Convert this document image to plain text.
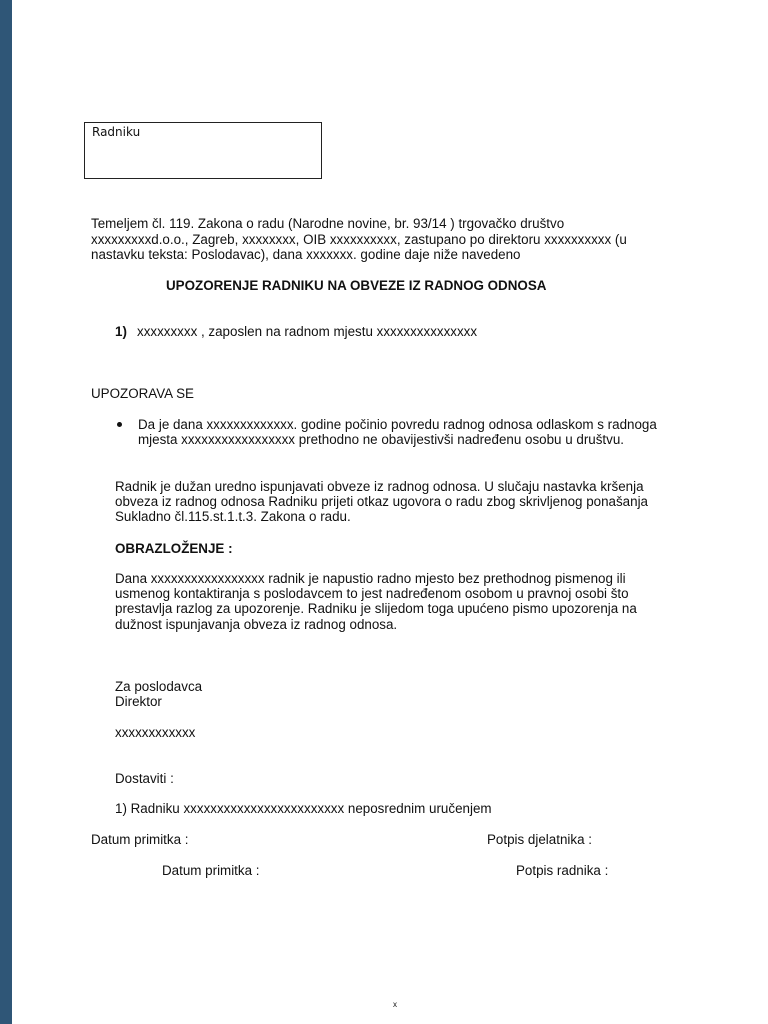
Radniku
Temeljem čl. 119. Zakona o radu (Narodne novine, br. 93/14 ) trgovačko društvo
xxxxxxxxxd.o.o., Zagreb, xxxxxxxx, OIB xxxxxxxxxx, zastupano po direktoru xxxxxxxxxx (u
nastavku teksta: Poslodavac), dana xxxxxxx. godine daje niže navedeno
UPOZORENJE RADNIKU NA OBVEZE IZ RADNOG ODNOSA
1) xxxxxxxxx , zaposlen na radnom mjestu xxxxxxxxxxxxxxx
UPOZORAVA SE
Da je dana xxxxxxxxxxxxx. godine počinio povredu radnog odnosa odlaskom s radnoga
mjesta xxxxxxxxxxxxxxxxx prethodno ne obavijestivši nadređenu osobu u društvu.
Radnik je dužan uredno ispunjavati obveze iz radnog odnosa. U slučaju nastavka kršenja
obveza iz radnog odnosa Radniku prijeti otkaz ugovora o radu zbog skrivljenog ponašanja
Sukladno čl.115.st.1.t.3. Zakona o radu.
OBRAZLOŽENJE :
Dana xxxxxxxxxxxxxxxxx radnik je napustio radno mjesto bez prethodnog pismenog ili
usmenog kontaktiranja s poslodavcem to jest nadređenom osobom u pravnoj osobi što
prestavlja razlog za upozorenje. Radniku je slijedom toga upućeno pismo upozorenja na
dužnost ispunjavanja obveza iz radnog odnosa.
Za poslodavca
Direktor
xxxxxxxxxxxx
Dostaviti :
1) Radniku xxxxxxxxxxxxxxxxxxxxxxxx neposrednim uručenjem
Datum primitka :	Potpis djelatnika :
Datum primitka :	Potpis radnika :
x
